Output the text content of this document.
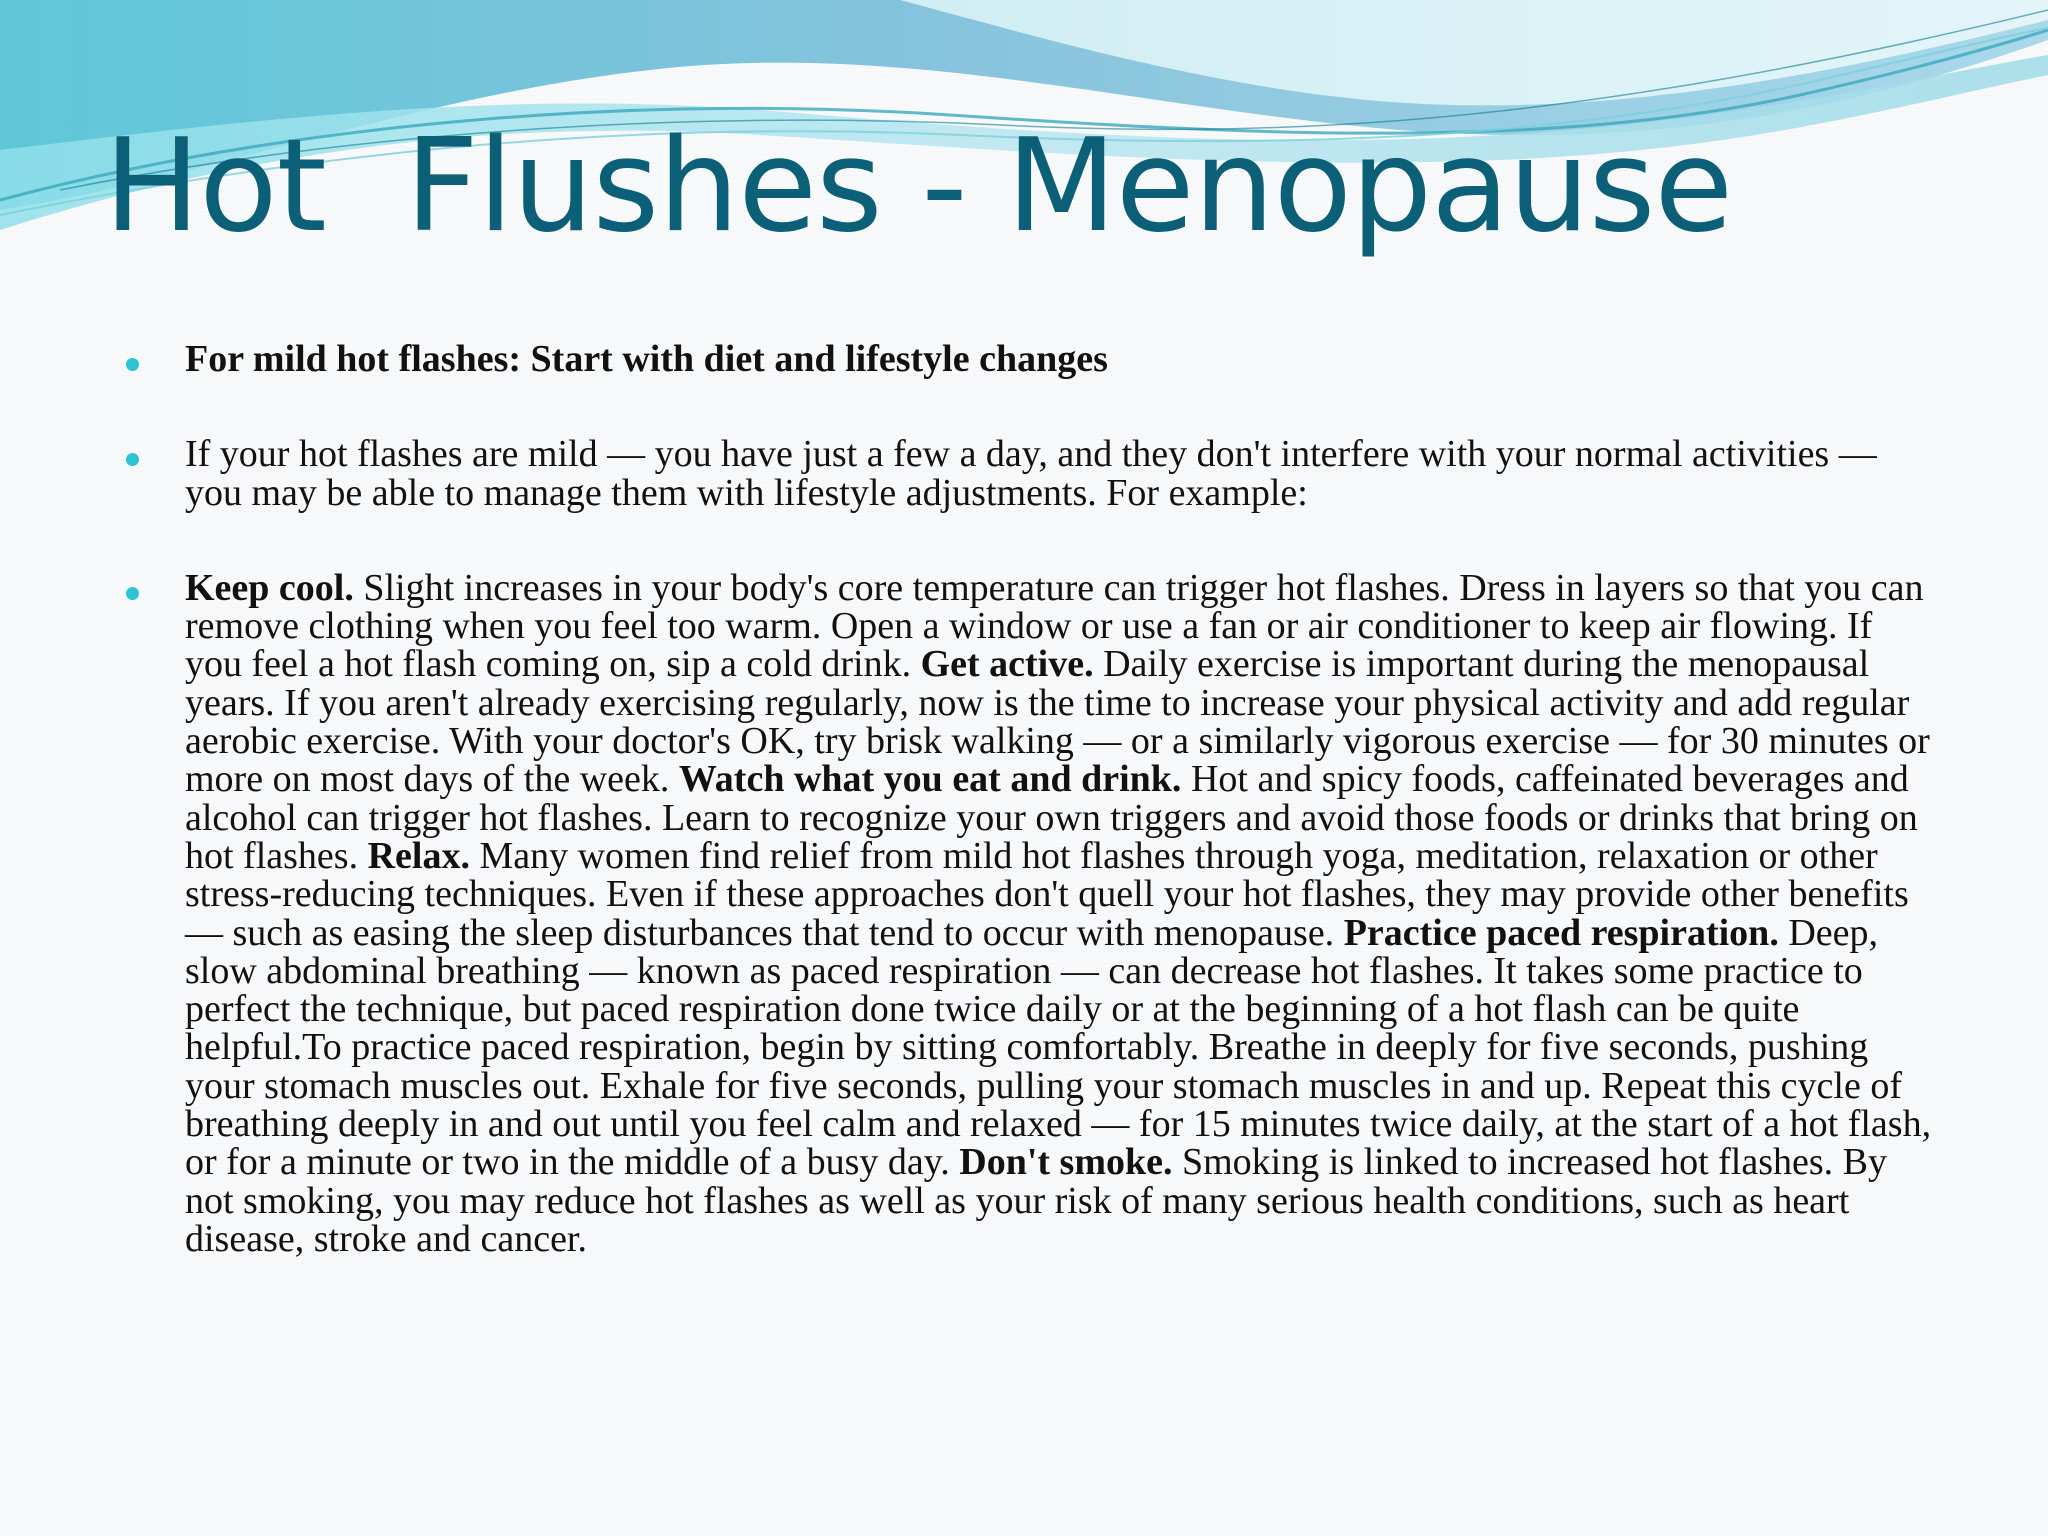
Hot  Flushes - Menopause
For mild hot flashes: Start with diet and lifestyle changes
If your hot flashes are mild — you have just a few a day, and they don't interfere with your normal activities — you may be able to manage them with lifestyle adjustments. For example:
Keep cool. Slight increases in your body's core temperature can trigger hot flashes. Dress in layers so that you can remove clothing when you feel too warm. Open a window or use a fan or air conditioner to keep air flowing. If you feel a hot flash coming on, sip a cold drink. Get active. Daily exercise is important during the menopausal years. If you aren't already exercising regularly, now is the time to increase your physical activity and add regular aerobic exercise. With your doctor's OK, try brisk walking — or a similarly vigorous exercise — for 30 minutes or more on most days of the week. Watch what you eat and drink. Hot and spicy foods, caffeinated beverages and alcohol can trigger hot flashes. Learn to recognize your own triggers and avoid those foods or drinks that bring on hot flashes. Relax. Many women find relief from mild hot flashes through yoga, meditation, relaxation or other stress-reducing techniques. Even if these approaches don't quell your hot flashes, they may provide other benefits — such as easing the sleep disturbances that tend to occur with menopause. Practice paced respiration. Deep, slow abdominal breathing — known as paced respiration — can decrease hot flashes. It takes some practice to perfect the technique, but paced respiration done twice daily or at the beginning of a hot flash can be quite helpful.To practice paced respiration, begin by sitting comfortably. Breathe in deeply for five seconds, pushing your stomach muscles out. Exhale for five seconds, pulling your stomach muscles in and up. Repeat this cycle of breathing deeply in and out until you feel calm and relaxed — for 15 minutes twice daily, at the start of a hot flash, or for a minute or two in the middle of a busy day. Don't smoke. Smoking is linked to increased hot flashes. By not smoking, you may reduce hot flashes as well as your risk of many serious health conditions, such as heart disease, stroke and cancer.
